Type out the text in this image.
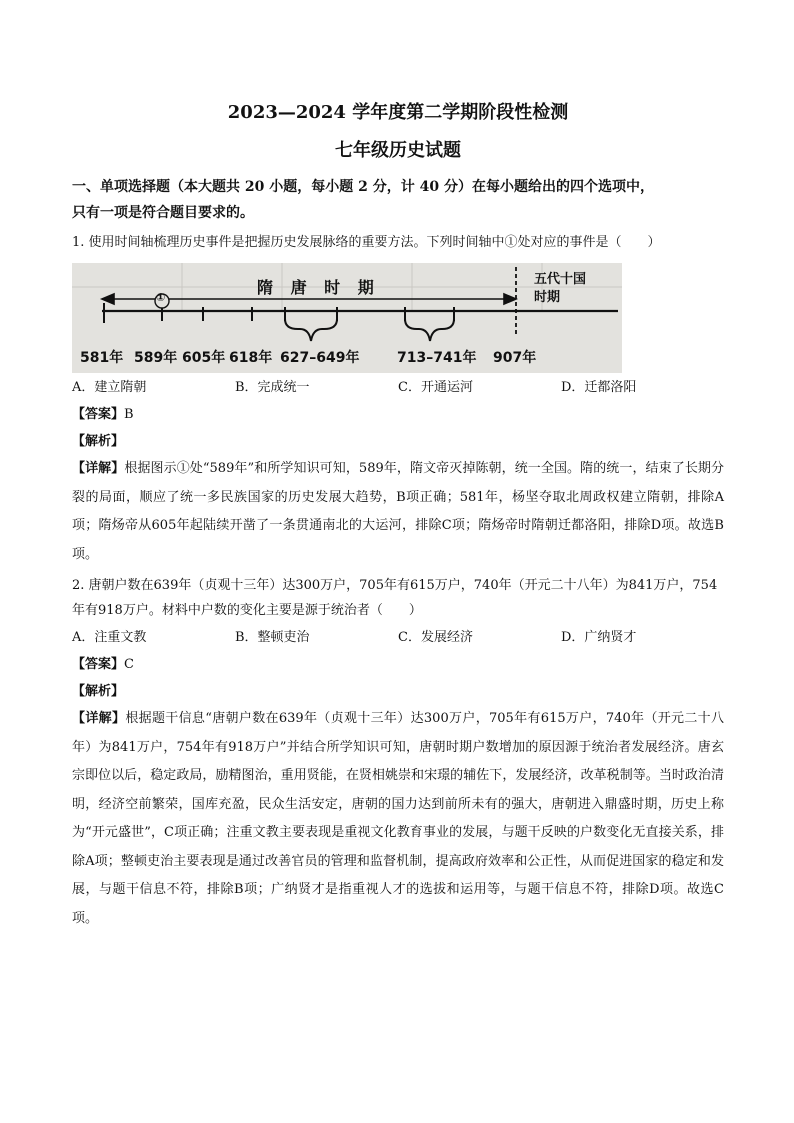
2023—2024 学年度第二学期阶段性检测
七年级历史试题
一、单项选择题（本大题共 20 小题，每小题 2 分，计 40 分）在每小题给出的四个选项中，
只有一项是符合题目要求的。
1. 使用时间轴梳理历史事件是把握历史发展脉络的重要方法。下列时间轴中①处对应的事件是（　　）
隋 唐 时 期
①
五代十国
时期
581年 589年 605年 618年 627–649年	713–741年 907年
A．建立隋朝	B．完成统一	C．开通运河	D．迁都洛阳
【答案】B
【解析】
【详解】根据图示①处“589年”和所学知识可知，589年，隋文帝灭掉陈朝，统一全国。隋的统一，结束了长期分裂的局面，顺应了统一多民族国家的历史发展大趋势，B项正确；581年，杨坚夺取北周政权建立隋朝，排除A项；隋炀帝从605年起陆续开凿了一条贯通南北的大运河，排除C项；隋炀帝时隋朝迁都洛阳，排除D项。故选B项。
2. 唐朝户数在639年（贞观十三年）达300万户，705年有615万户，740年（开元二十八年）为841万户，754年有918万户。材料中户数的变化主要是源于统治者（　　）
A．注重文教	B．整顿吏治	C．发展经济	D．广纳贤才
【答案】C
【解析】
【详解】根据题干信息“唐朝户数在639年（贞观十三年）达300万户，705年有615万户，740年（开元二十八年）为841万户，754年有918万户”并结合所学知识可知，唐朝时期户数增加的原因源于统治者发展经济。唐玄宗即位以后，稳定政局，励精图治，重用贤能，在贤相姚崇和宋璟的辅佐下，发展经济，改革税制等。当时政治清明，经济空前繁荣，国库充盈，民众生活安定，唐朝的国力达到前所未有的强大，唐朝进入鼎盛时期，历史上称为“开元盛世”，C项正确；注重文教主要表现是重视文化教育事业的发展，与题干反映的户数变化无直接关系，排除A项；整顿吏治主要表现是通过改善官员的管理和监督机制，提高政府效率和公正性，从而促进国家的稳定和发展，与题干信息不符，排除B项；广纳贤才是指重视人才的选拔和运用等，与题干信息不符，排除D项。故选C项。
